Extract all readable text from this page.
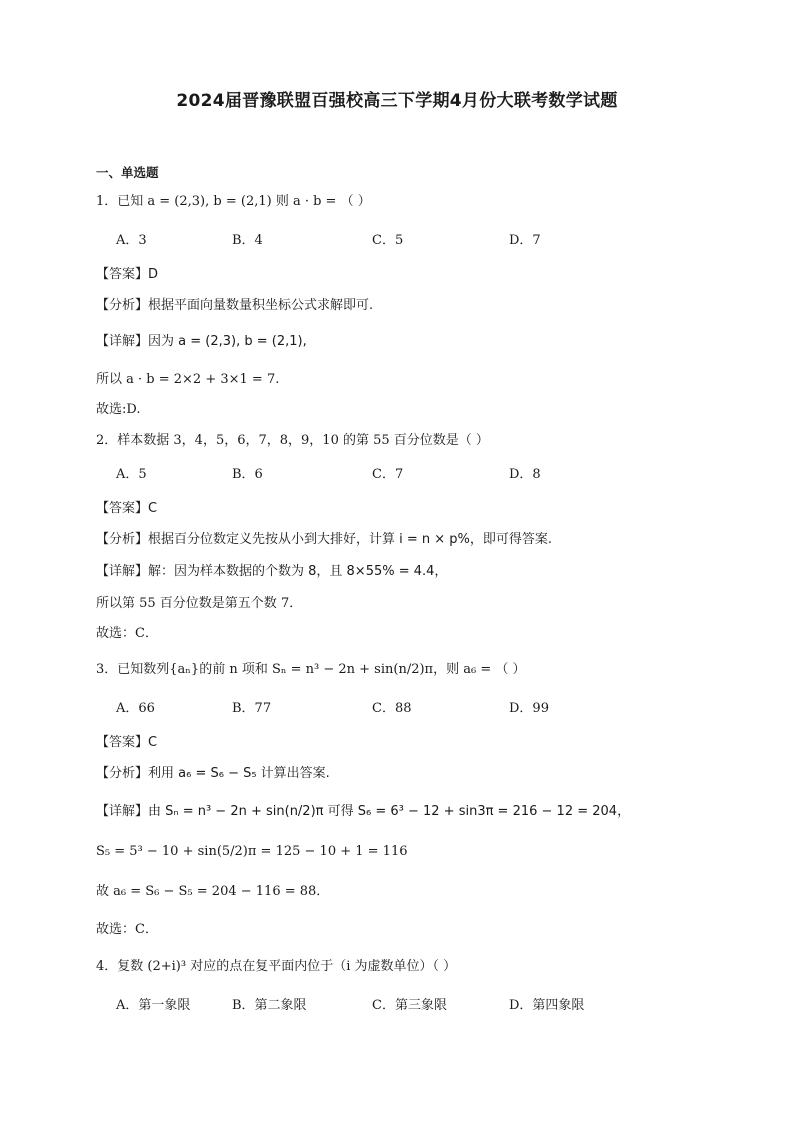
2024届晋豫联盟百强校高三下学期4月份大联考数学试题
一、单选题
1．已知 a = (2,3), b = (2,1) 则 a · b = （ ）
A．3	B．4	C．5	D．7
【答案】D
【分析】根据平面向量数量积坐标公式求解即可.
【详解】因为 a = (2,3), b = (2,1),
所以 a · b = 2×2 + 3×1 = 7.
故选:D.
2．样本数据 3，4，5，6，7，8，9，10 的第 55 百分位数是（ ）
A．5	B．6	C．7	D．8
【答案】C
【分析】根据百分位数定义先按从小到大排好，计算 i = n × p%，即可得答案.
【详解】解：因为样本数据的个数为 8，且 8×55% = 4.4，
所以第 55 百分位数是第五个数 7．
故选：C．
3．已知数列{aₙ}的前 n 项和 Sₙ = n³ − 2n + sin(n/2)π，则 a₆ = （ ）
A．66	B．77	C．88	D．99
【答案】C
【分析】利用 a₆ = S₆ − S₅ 计算出答案.
【详解】由 Sₙ = n³ − 2n + sin(n/2)π 可得 S₆ = 6³ − 12 + sin3π = 216 − 12 = 204，
S₅ = 5³ − 10 + sin(5/2)π = 125 − 10 + 1 = 116
故 a₆ = S₆ − S₅ = 204 − 116 = 88．
故选：C．
4．复数 (2+i)³ 对应的点在复平面内位于（i 为虚数单位）（ ）
A．第一象限	B．第二象限	C．第三象限	D．第四象限
